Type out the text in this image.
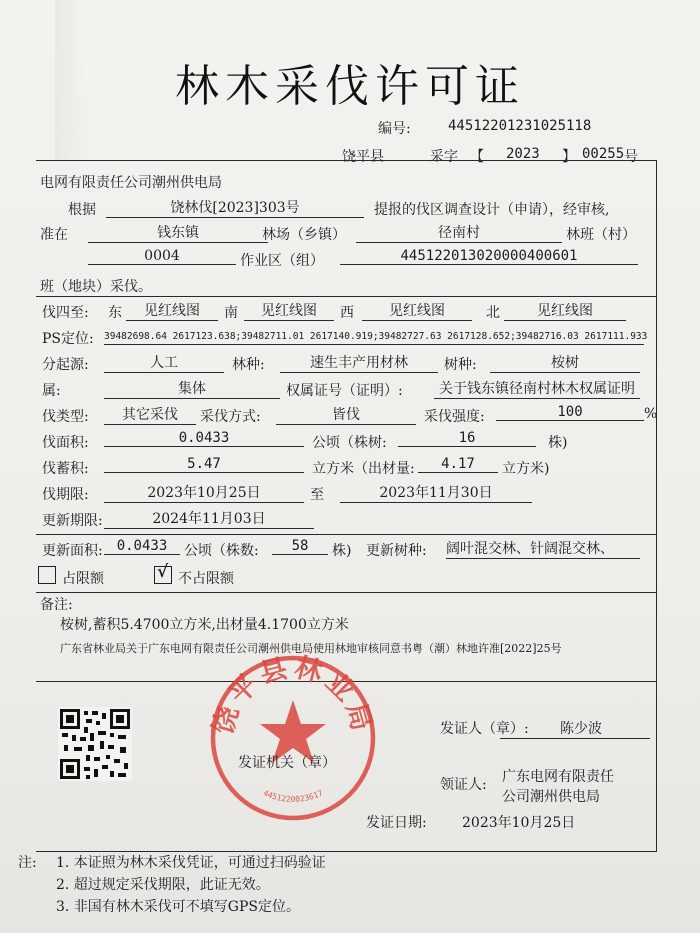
林木采伐许可证
编号:	44512201231025118
饶平县	采字 【 2023 】 00255 号
电网有限责任公司潮州供电局
根据	饶林伐[2023]303号	提报的伐区调查设计（申请），经审核,
准在	钱东镇	林场（乡镇）	径南村	林班（村）
0004	作业区（组）	445122013020000400601
班（地块）采伐。
伐四至: 东	见红线图	南	见红线图	西	见红线图	北	见红线图
PS定位: 39482698.64 2617123.638;39482711.01 2617140.919;39482727.63 2617128.652;39482716.03 2617111.933
分起源:	人工	林种:	速生丰产用材林	树种:	桉树
属:	集体	权属证号（证明）:	关于钱东镇径南村林木权属证明
伐类型:	其它采伐	采伐方式:	皆伐	采伐强度:	100	%
伐面积:	0.0433	公顷（株树:	16	株)
伐蓄积:	5.47	立方米（出材量:	4.17	立方米)
伐期限:	2023年10月25日	至	2023年11月30日
更新期限:	2024年11月03日
更新面积: 0.0433	公顷（株数:	58	株) 更新树种: 阔叶混交林、针阔混交林、
占限额	√ 不占限额
备注:
桉树,蓄积5.4700立方米,出材量4.1700立方米
广东省林业局关于广东电网有限责任公司潮州供电局使用林地审核同意书粤（潮）林地许准[2022]25号
饶平县林业局
4451220023617
发证人（章）: 陈少波
发证机关（章）
领证人: 广东电网有限责任
公司潮州供电局
发证日期:	2023年10月25日
注: 1. 本证照为林木采伐凭证，可通过扫码验证
2. 超过规定采伐期限，此证无效。
3. 非国有林木采伐可不填写GPS定位。
